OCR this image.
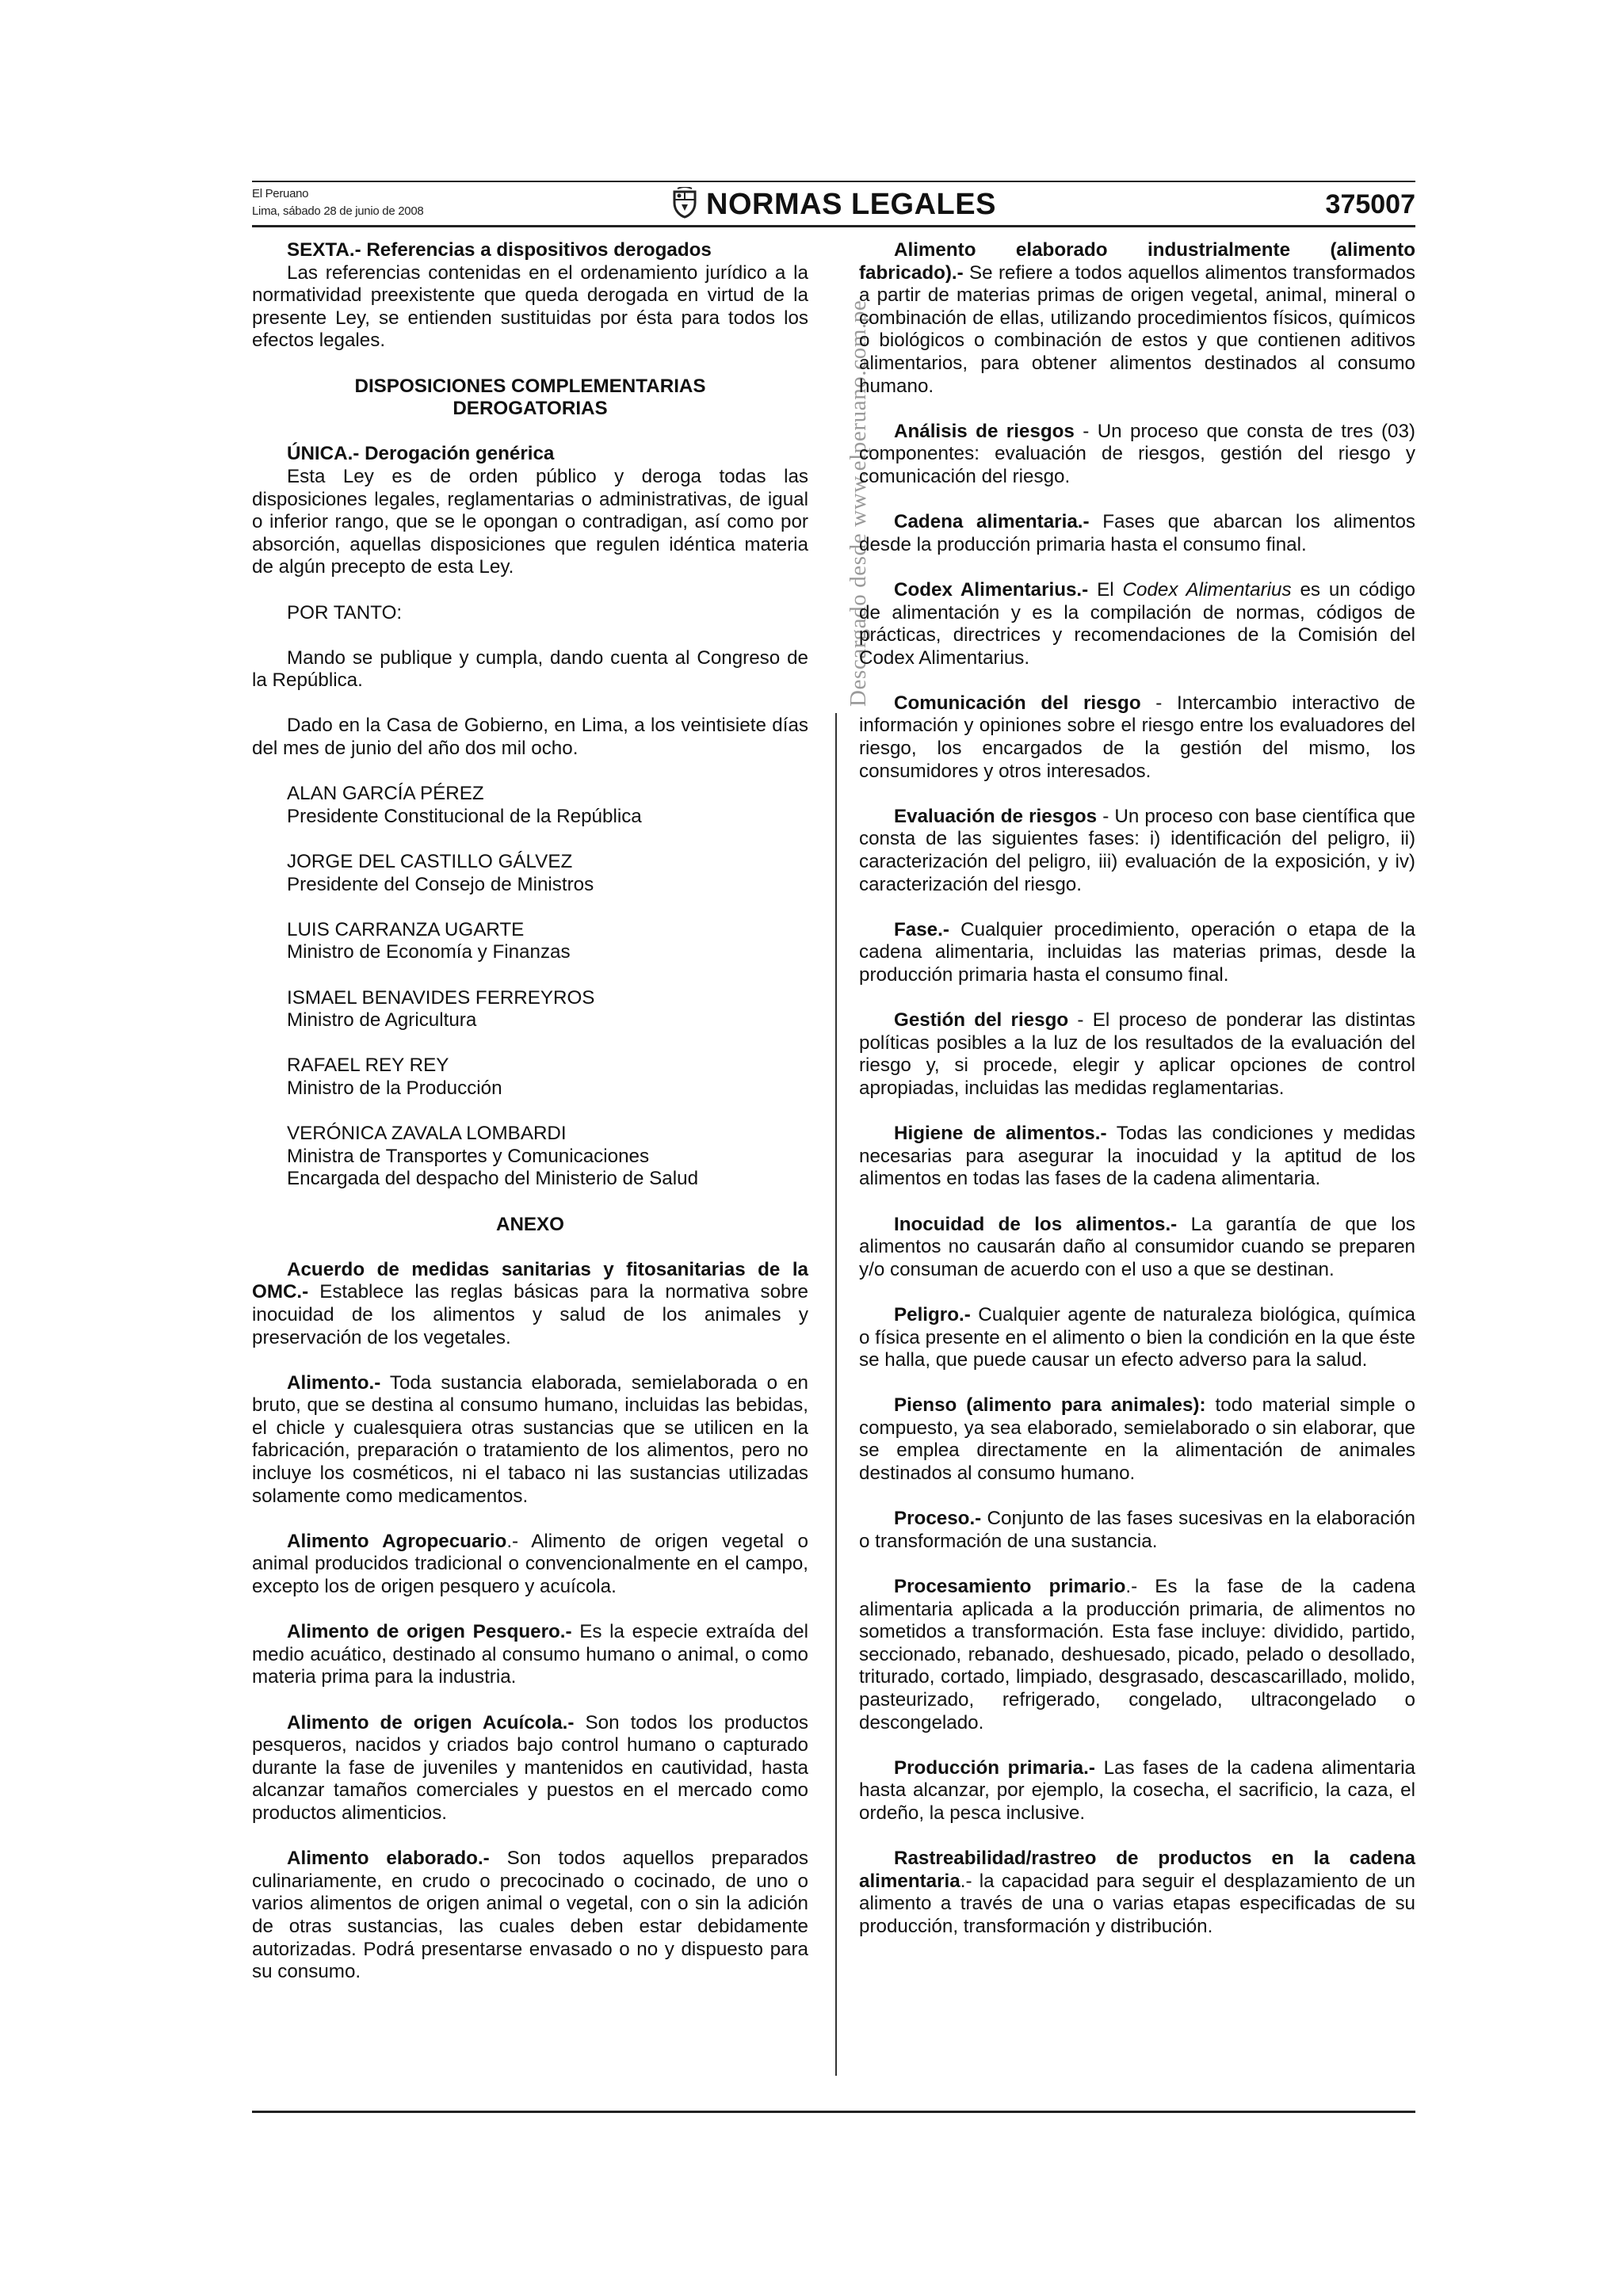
El Peruano
Lima, sábado 28 de junio de 2008	NORMAS LEGALES	375007
Descargado desde www.elperuano.com.pe

SEXTA.- Referencias a dispositivos derogados

Las referencias contenidas en el ordenamiento jurídico a la normatividad preexistente que queda derogada en virtud de la presente Ley, se entienden sustituidas por ésta para todos los efectos legales.

DISPOSICIONES COMPLEMENTARIAS
DEROGATORIAS

ÚNICA.- Derogación genérica

Esta Ley es de orden público y deroga todas las disposiciones legales, reglamentarias o administrativas, de igual o inferior rango, que se le opongan o contradigan, así como por absorción, aquellas disposiciones que regulen idéntica materia de algún precepto de esta Ley.

POR TANTO:

Mando se publique y cumpla, dando cuenta al Congreso de la República.

Dado en la Casa de Gobierno, en Lima, a los veintisiete días del mes de junio del año dos mil ocho.

ALAN GARCÍA PÉREZ
Presidente Constitucional de la República
JORGE DEL CASTILLO GÁLVEZ
Presidente del Consejo de Ministros
LUIS CARRANZA UGARTE
Ministro de Economía y Finanzas
ISMAEL BENAVIDES FERREYROS
Ministro de Agricultura
RAFAEL REY REY
Ministro de la Producción
VERÓNICA ZAVALA LOMBARDI
Ministra de Transportes y Comunicaciones
Encargada del despacho del Ministerio de Salud
ANEXO

Acuerdo de medidas sanitarias y fitosanitarias de la OMC.- Establece las reglas básicas para la normativa sobre inocuidad de los alimentos y salud de los animales y preservación de los vegetales.

Alimento.- Toda sustancia elaborada, semielaborada o en bruto, que se destina al consumo humano, incluidas las bebidas, el chicle y cualesquiera otras sustancias que se utilicen en la fabricación, preparación o tratamiento de los alimentos, pero no incluye los cosméticos, ni el tabaco ni las sustancias utilizadas solamente como medicamentos.

Alimento Agropecuario.- Alimento de origen vegetal o animal producidos tradicional o convencionalmente en el campo, excepto los de origen pesquero y acuícola.

Alimento de origen Pesquero.- Es la especie extraída del medio acuático, destinado al consumo humano o animal, o como materia prima para la industria.

Alimento de origen Acuícola.- Son todos los productos pesqueros, nacidos y criados bajo control humano o capturado durante la fase de juveniles y mantenidos en cautividad, hasta alcanzar tamaños comerciales y puestos en el mercado como productos alimenticios.

Alimento elaborado.- Son todos aquellos preparados culinariamente, en crudo o precocinado o cocinado, de uno o varios alimentos de origen animal o vegetal, con o sin la adición de otras sustancias, las cuales deben estar debidamente autorizadas. Podrá presentarse envasado o no y dispuesto para su consumo.

Alimento elaborado industrialmente (alimento fabricado).- Se refiere a todos aquellos alimentos transformados a partir de materias primas de origen vegetal, animal, mineral o combinación de ellas, utilizando procedimientos físicos, químicos o biológicos o combinación de estos y que contienen aditivos alimentarios, para obtener alimentos destinados al consumo humano.

Análisis de riesgos - Un proceso que consta de tres (03) componentes: evaluación de riesgos, gestión del riesgo y comunicación del riesgo.

Cadena alimentaria.- Fases que abarcan los alimentos desde la producción primaria hasta el consumo final.

Codex Alimentarius.- El Codex Alimentarius es un código de alimentación y es la compilación de normas, códigos de prácticas, directrices y recomendaciones de la Comisión del Codex Alimentarius.

Comunicación del riesgo - Intercambio interactivo de información y opiniones sobre el riesgo entre los evaluadores del riesgo, los encargados de la gestión del mismo, los consumidores y otros interesados.

Evaluación de riesgos - Un proceso con base científica que consta de las siguientes fases: i) identificación del peligro, ii) caracterización del peligro, iii) evaluación de la exposición, y iv) caracterización del riesgo.

Fase.- Cualquier procedimiento, operación o etapa de la cadena alimentaria, incluidas las materias primas, desde la producción primaria hasta el consumo final.

Gestión del riesgo - El proceso de ponderar las distintas políticas posibles a la luz de los resultados de la evaluación del riesgo y, si procede, elegir y aplicar opciones de control apropiadas, incluidas las medidas reglamentarias.

Higiene de alimentos.- Todas las condiciones y medidas necesarias para asegurar la inocuidad y la aptitud de los alimentos en todas las fases de la cadena alimentaria.

Inocuidad de los alimentos.- La garantía de que los alimentos no causarán daño al consumidor cuando se preparen y/o consuman de acuerdo con el uso a que se destinan.

Peligro.- Cualquier agente de naturaleza biológica, química o física presente en el alimento o bien la condición en la que éste se halla, que puede causar un efecto adverso para la salud.

Pienso (alimento para animales): todo material simple o compuesto, ya sea elaborado, semielaborado o sin elaborar, que se emplea directamente en la alimentación de animales destinados al consumo humano.

Proceso.- Conjunto de las fases sucesivas en la elaboración o transformación de una sustancia.

Procesamiento primario.- Es la fase de la cadena alimentaria aplicada a la producción primaria, de alimentos no sometidos a transformación. Esta fase incluye: dividido, partido, seccionado, rebanado, deshuesado, picado, pelado o desollado, triturado, cortado, limpiado, desgrasado, descascarillado, molido, pasteurizado, refrigerado, congelado, ultracongelado o descongelado.

Producción primaria.- Las fases de la cadena alimentaria hasta alcanzar, por ejemplo, la cosecha, el sacrificio, la caza, el ordeño, la pesca inclusive.

Rastreabilidad/rastreo de productos en la cadena alimentaria.- la capacidad para seguir el desplazamiento de un alimento a través de una o varias etapas especificadas de su producción, transformación y distribución.
